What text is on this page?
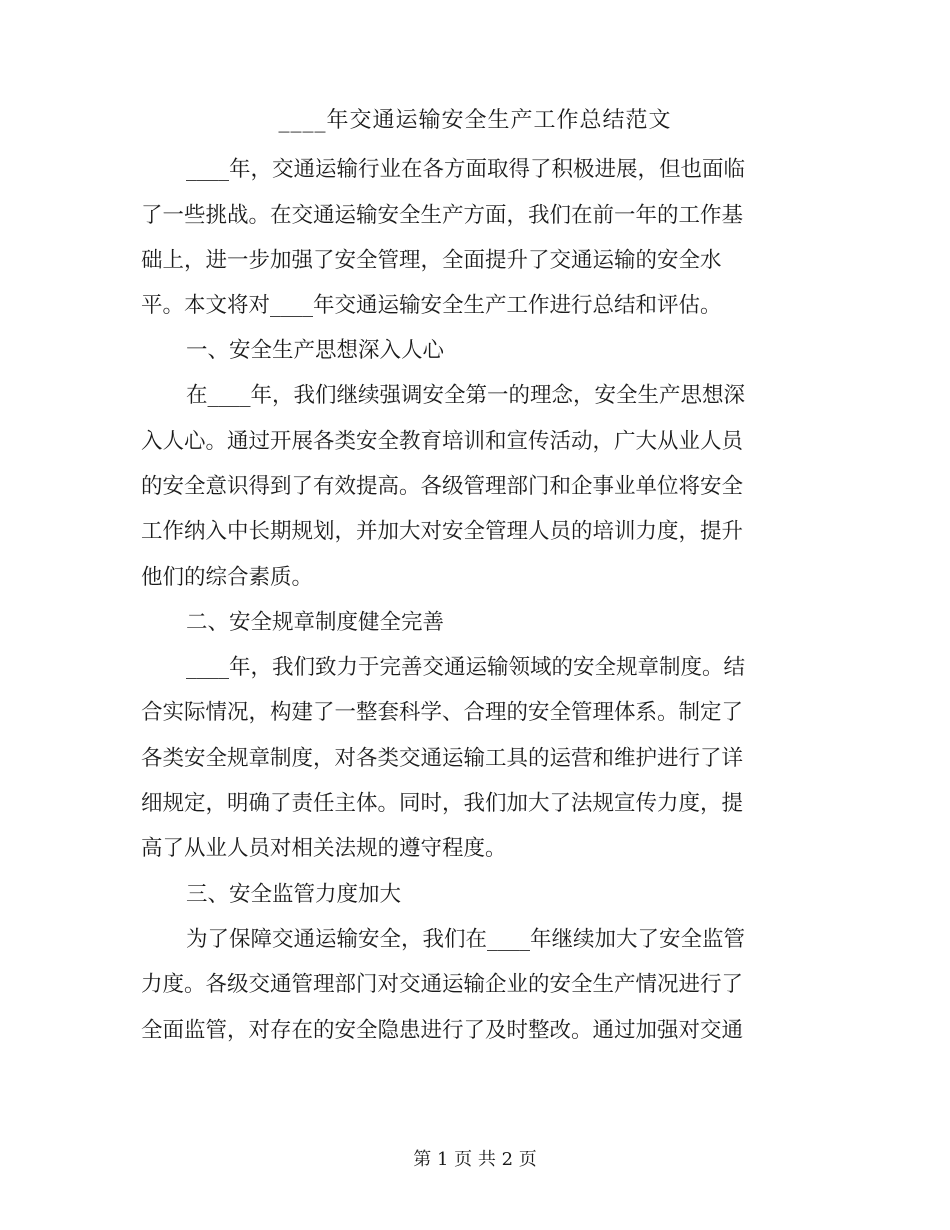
____年交通运输安全生产工作总结范文
____年，交通运输行业在各方面取得了积极进展，但也面临
了一些挑战。在交通运输安全生产方面，我们在前一年的工作基
础上，进一步加强了安全管理，全面提升了交通运输的安全水
平。本文将对____年交通运输安全生产工作进行总结和评估。
一、安全生产思想深入人心
在____年，我们继续强调安全第一的理念，安全生产思想深
入人心。通过开展各类安全教育培训和宣传活动，广大从业人员
的安全意识得到了有效提高。各级管理部门和企事业单位将安全
工作纳入中长期规划，并加大对安全管理人员的培训力度，提升
他们的综合素质。
二、安全规章制度健全完善
____年，我们致力于完善交通运输领域的安全规章制度。结
合实际情况，构建了一整套科学、合理的安全管理体系。制定了
各类安全规章制度，对各类交通运输工具的运营和维护进行了详
细规定，明确了责任主体。同时，我们加大了法规宣传力度，提
高了从业人员对相关法规的遵守程度。
三、安全监管力度加大
为了保障交通运输安全，我们在____年继续加大了安全监管
力度。各级交通管理部门对交通运输企业的安全生产情况进行了
全面监管，对存在的安全隐患进行了及时整改。通过加强对交通
第 1 页 共 2 页
